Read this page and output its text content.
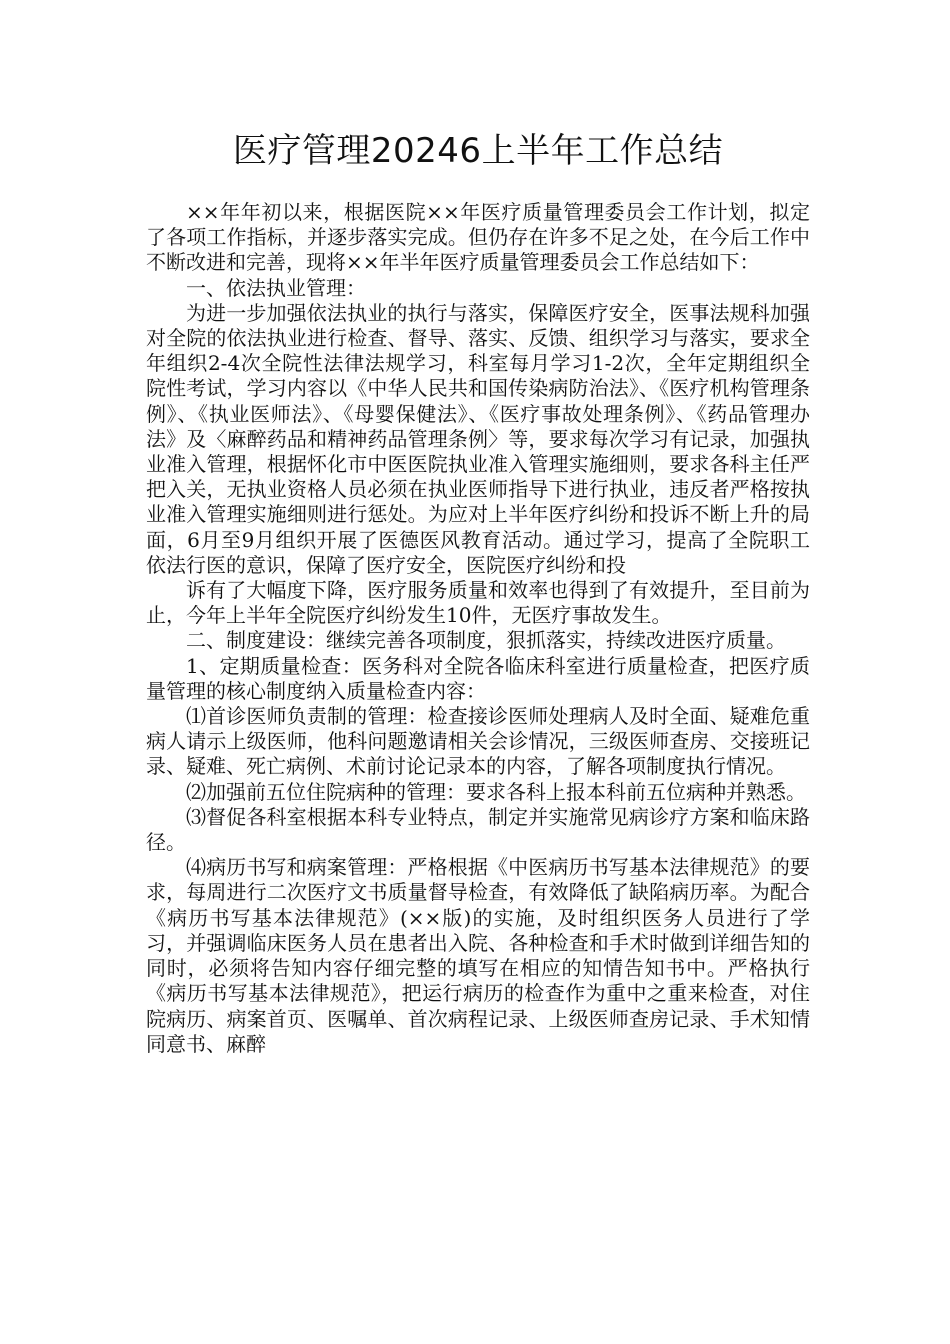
医疗管理20246上半年工作总结

××年年初以来，根据医院××年医疗质量管理委员会工作计划，拟定了各项工作指标，并逐步落实完成。但仍存在许多不足之处，在今后工作中不断改进和完善，现将××年半年医疗质量管理委员会工作总结如下：

一、依法执业管理：

为进一步加强依法执业的执行与落实，保障医疗安全，医事法规科加强对全院的依法执业进行检查、督导、落实、反馈、组织学习与落实，要求全年组织2-4次全院性法律法规学习，科室每月学习1-2次，全年定期组织全院性考试，学习内容以《中华人民共和国传染病防治法》、《医疗机构管理条例》、《执业医师法》、《母婴保健法》、《医疗事故处理条例》、《药品管理办法》及〈麻醉药品和精神药品管理条例〉等，要求每次学习有记录，加强执业准入管理，根据怀化市中医医院执业准入管理实施细则，要求各科主任严把入关，无执业资格人员必须在执业医师指导下进行执业，违反者严格按执业准入管理实施细则进行惩处。为应对上半年医疗纠纷和投诉不断上升的局面，6月至9月组织开展了医德医风教育活动。通过学习，提高了全院职工依法行医的意识，保障了医疗安全，医院医疗纠纷和投

诉有了大幅度下降，医疗服务质量和效率也得到了有效提升，至目前为止，今年上半年全院医疗纠纷发生10件，无医疗事故发生。

二、制度建设：继续完善各项制度，狠抓落实，持续改进医疗质量。

1、定期质量检查：医务科对全院各临床科室进行质量检查，把医疗质量管理的核心制度纳入质量检查内容：

⑴首诊医师负责制的管理：检查接诊医师处理病人及时全面、疑难危重病人请示上级医师，他科问题邀请相关会诊情况，三级医师查房、交接班记录、疑难、死亡病例、术前讨论记录本的内容，了解各项制度执行情况。

⑵加强前五位住院病种的管理：要求各科上报本科前五位病种并熟悉。

⑶督促各科室根据本科专业特点，制定并实施常见病诊疗方案和临床路径。

⑷病历书写和病案管理：严格根据《中医病历书写基本法律规范》的要求，每周进行二次医疗文书质量督导检查，有效降低了缺陷病历率。为配合《病历书写基本法律规范》(××版)的实施，及时组织医务人员进行了学习，并强调临床医务人员在患者出入院、各种检查和手术时做到详细告知的同时，必须将告知内容仔细完整的填写在相应的知情告知书中。严格执行《病历书写基本法律规范》，把运行病历的检查作为重中之重来检查，对住院病历、病案首页、医嘱单、首次病程记录、上级医师查房记录、手术知情同意书、麻醉
